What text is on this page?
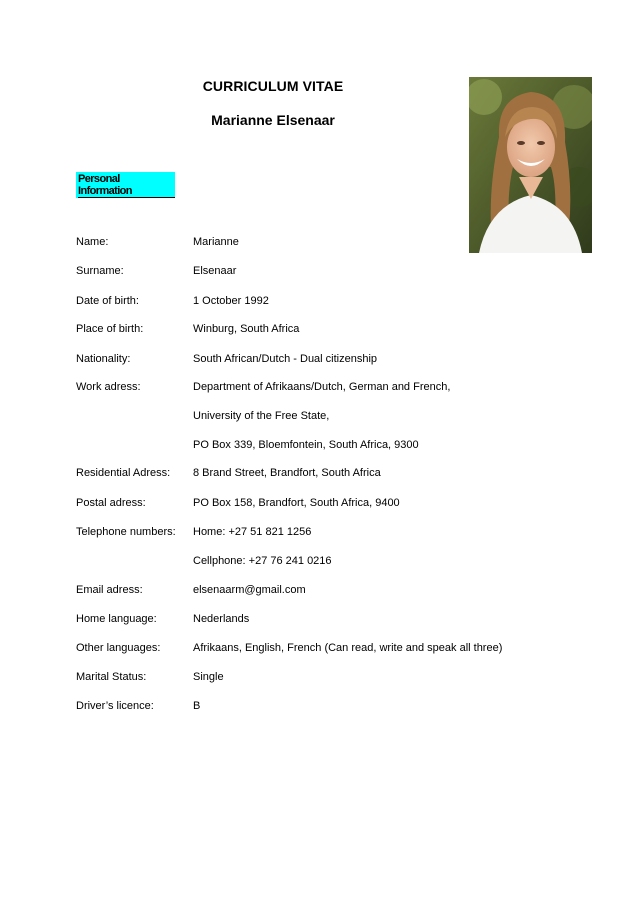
CURRICULUM VITAE
Marianne Elsenaar
Personal Information
Name:	Marianne
Surname:	Elsenaar
Date of birth:	1 October 1992
Place of birth:	Winburg, South Africa
Nationality:	South African/Dutch - Dual citizenship
Work adress:	Department of Afrikaans/Dutch, German and French,
University of the Free State,
PO Box 339, Bloemfontein, South Africa, 9300
Residential Adress: 8 Brand Street, Brandfort, South Africa
Postal adress:	PO Box 158, Brandfort, South Africa, 9400
Telephone numbers: Home: +27 51 821 1256
Cellphone: +27 76 241 0216
Email adress:	elsenaarm@gmail.com
Home language:	Nederlands
Other languages:	Afrikaans, English, French (Can read, write and speak all three)
Marital Status:	Single
Driver’s licence:	B
